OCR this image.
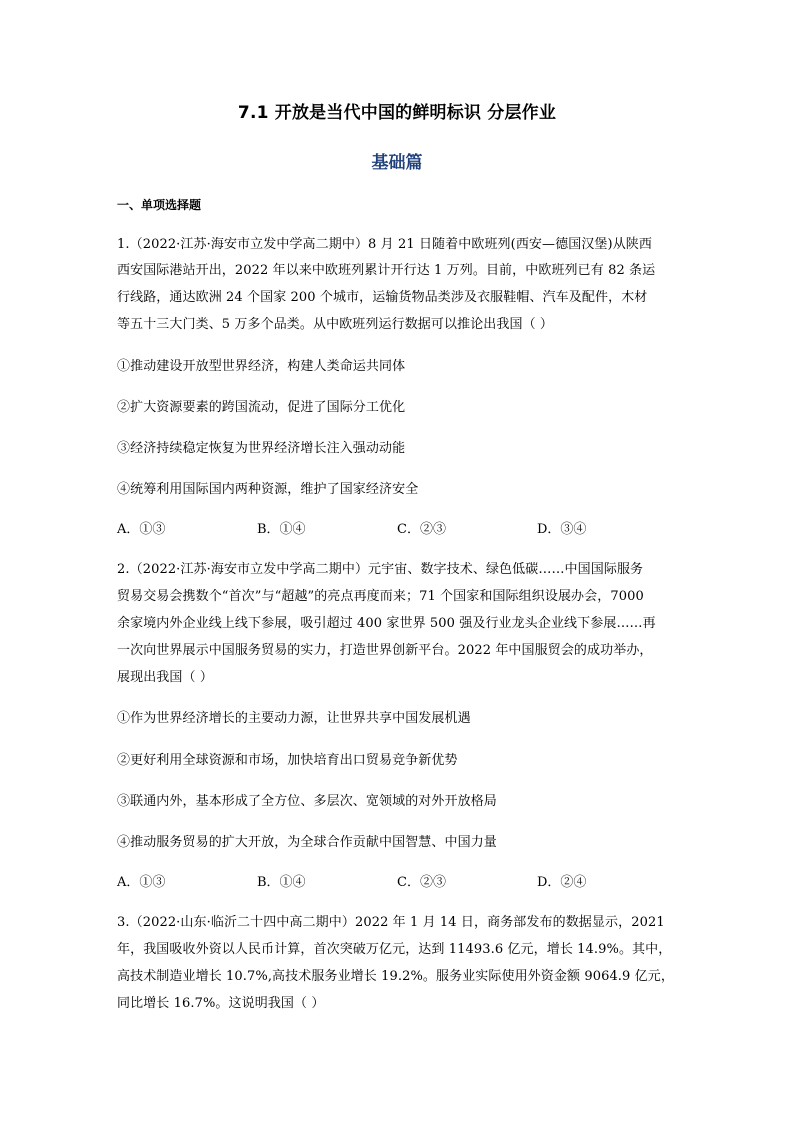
7.1 开放是当代中国的鲜明标识 分层作业
基础篇
一、单项选择题
1.（2022·江苏·海安市立发中学高二期中）8 月 21 日随着中欧班列(西安—德国汉堡)从陕西
西安国际港站开出，2022 年以来中欧班列累计开行达 1 万列。目前，中欧班列已有 82 条运
行线路，通达欧洲 24 个国家 200 个城市，运输货物品类涉及衣服鞋帽、汽车及配件，木材
等五十三大门类、5 万多个品类。从中欧班列运行数据可以推论出我国（ ）
①推动建设开放型世界经济，构建人类命运共同体
②扩大资源要素的跨国流动，促进了国际分工优化
③经济持续稳定恢复为世界经济增长注入强动动能
④统筹利用国际国内两种资源，维护了国家经济安全
A．①③	B．①④	C．②③	D．③④
2.（2022·江苏·海安市立发中学高二期中）元宇宙、数字技术、绿色低碳……中国国际服务
贸易交易会携数个“首次”与“超越”的亮点再度而来；71 个国家和国际组织设展办会，7000
余家境内外企业线上线下参展，吸引超过 400 家世界 500 强及行业龙头企业线下参展……再
一次向世界展示中国服务贸易的实力，打造世界创新平台。2022 年中国服贸会的成功举办，
展现出我国（ ）
①作为世界经济增长的主要动力源，让世界共享中国发展机遇
②更好利用全球资源和市场，加快培育出口贸易竞争新优势
③联通内外，基本形成了全方位、多层次、宽领域的对外开放格局
④推动服务贸易的扩大开放，为全球合作贡献中国智慧、中国力量
A．①③	B．①④	C．②③	D．②④
3.（2022·山东·临沂二十四中高二期中）2022 年 1 月 14 日，商务部发布的数据显示，2021
年，我国吸收外资以人民币计算，首次突破万亿元，达到 11493.6 亿元，增长 14.9%。其中，
高技术制造业增长 10.7%,高技术服务业增长 19.2%。服务业实际使用外资金额 9064.9 亿元，
同比增长 16.7%。这说明我国（ ）
